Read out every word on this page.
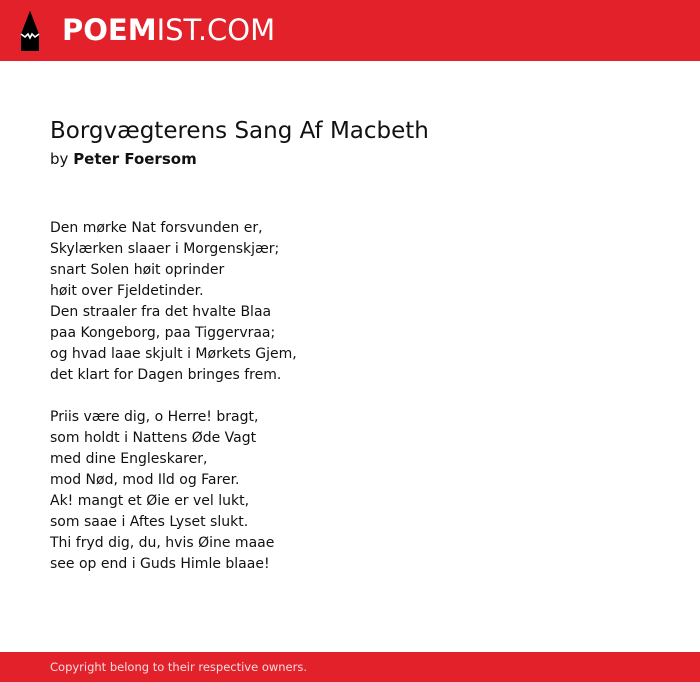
POEMIST.COM
Borgvægterens Sang Af Macbeth
by Peter Foersom
Den mørke Nat forsvunden er,
Skylærken slaaer i Morgenskjær;
snart Solen høit oprinder
høit over Fjeldetinder.
Den straaler fra det hvalte Blaa
paa Kongeborg, paa Tiggervraa;
og hvad laae skjult i Mørkets Gjem,
det klart for Dagen bringes frem.
Priis være dig, o Herre! bragt,
som holdt i Nattens Øde Vagt
med dine Engleskarer,
mod Nød, mod Ild og Farer.
Ak! mangt et Øie er vel lukt,
som saae i Aftes Lyset slukt.
Thi fryd dig, du, hvis Øine maae
see op end i Guds Himle blaae!
Copyright belong to their respective owners.
